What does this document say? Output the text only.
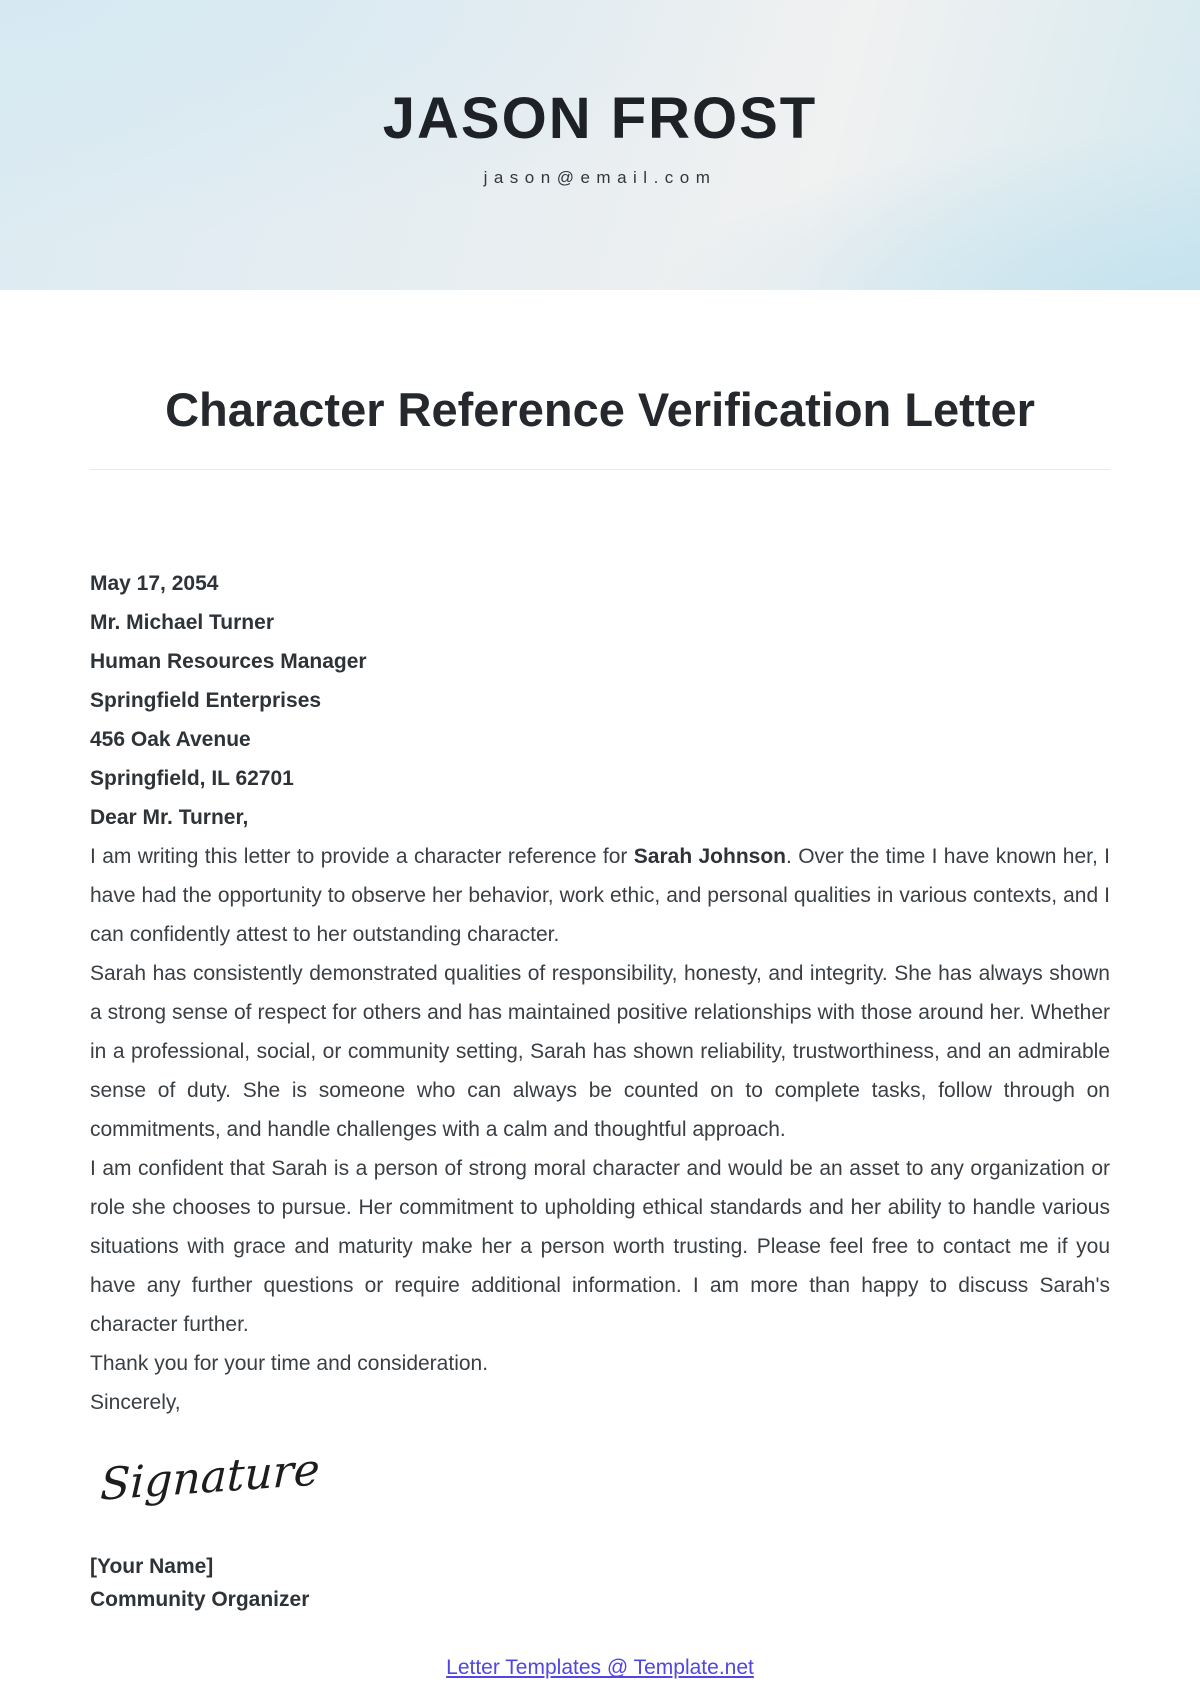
JASON FROST
jason@email.com
Character Reference Verification Letter

May 17, 2054

Mr. Michael Turner

Human Resources Manager

Springfield Enterprises

456 Oak Avenue

Springfield, IL 62701

Dear Mr. Turner,

I am writing this letter to provide a character reference for Sarah Johnson. Over the time I have known her, I have had the opportunity to observe her behavior, work ethic, and personal qualities in various contexts, and I can confidently attest to her outstanding character.

Sarah has consistently demonstrated qualities of responsibility, honesty, and integrity. She has always shown a strong sense of respect for others and has maintained positive relationships with those around her. Whether in a professional, social, or community setting, Sarah has shown reliability, trustworthiness, and an admirable sense of duty. She is someone who can always be counted on to complete tasks, follow through on commitments, and handle challenges with a calm and thoughtful approach.

I am confident that Sarah is a person of strong moral character and would be an asset to any organization or role she chooses to pursue. Her commitment to upholding ethical standards and her ability to handle various situations with grace and maturity make her a person worth trusting. Please feel free to contact me if you have any further questions or require additional information. I am more than happy to discuss Sarah's character further.

Thank you for your time and consideration.

Sincerely,

Signature

[Your Name]

Community Organizer

Letter Templates @ Template.net
